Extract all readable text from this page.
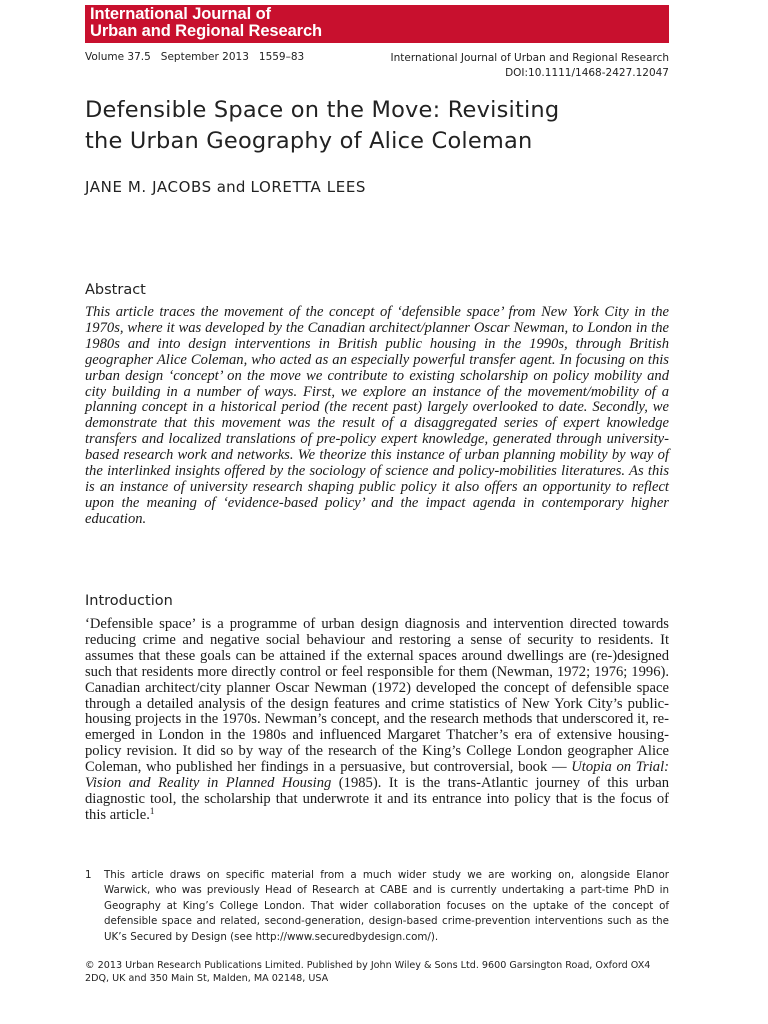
International Journal of
Urban and Regional Research
Volume 37.5   September 2013   1559–83	International Journal of Urban and Regional Research
DOI:10.1111/1468-2427.12047
Defensible Space on the Move: Revisiting
the Urban Geography of Alice Coleman
JANE M. JACOBS and LORETTA LEES
Abstract
This article traces the movement of the concept of ‘defensible space’ from New York City in the 1970s, where it was developed by the Canadian architect/planner Oscar Newman, to London in the 1980s and into design interventions in British public housing in the 1990s, through British geographer Alice Coleman, who acted as an especially powerful transfer agent. In focusing on this urban design ‘concept’ on the move we contribute to existing scholarship on policy mobility and city building in a number of ways. First, we explore an instance of the movement/mobility of a planning concept in a historical period (the recent past) largely overlooked to date. Secondly, we demonstrate that this movement was the result of a disaggregated series of expert knowledge transfers and localized translations of pre-policy expert knowledge, generated through university-based research work and networks. We theorize this instance of urban planning mobility by way of the interlinked insights offered by the sociology of science and policy-mobilities literatures. As this is an instance of university research shaping public policy it also offers an opportunity to reflect upon the meaning of ‘evidence-based policy’ and the impact agenda in contemporary higher education.
Introduction
‘Defensible space’ is a programme of urban design diagnosis and intervention directed towards reducing crime and negative social behaviour and restoring a sense of security to residents. It assumes that these goals can be attained if the external spaces around dwellings are (re-)designed such that residents more directly control or feel responsible for them (Newman, 1972; 1976; 1996). Canadian architect/city planner Oscar Newman (1972) developed the concept of defensible space through a detailed analysis of the design features and crime statistics of New York City’s public-housing projects in the 1970s. Newman’s concept, and the research methods that underscored it, re-emerged in London in the 1980s and influenced Margaret Thatcher’s era of extensive housing-policy revision. It did so by way of the research of the King’s College London geographer Alice Coleman, who published her findings in a persuasive, but controversial, book — Utopia on Trial: Vision and Reality in Planned Housing (1985). It is the trans-Atlantic journey of this urban diagnostic tool, the scholarship that underwrote it and its entrance into policy that is the focus of this article.$^1$
1 This article draws on specific material from a much wider study we are working on, alongside Elanor Warwick, who was previously Head of Research at CABE and is currently undertaking a part-time PhD in Geography at King’s College London. That wider collaboration focuses on the uptake of the concept of defensible space and related, second-generation, design-based crime-prevention interventions such as the UK’s Secured by Design (see http://www.securedbydesign.com/).
© 2013 Urban Research Publications Limited. Published by John Wiley & Sons Ltd. 9600 Garsington Road, Oxford OX4 2DQ, UK and 350 Main St, Malden, MA 02148, USA
